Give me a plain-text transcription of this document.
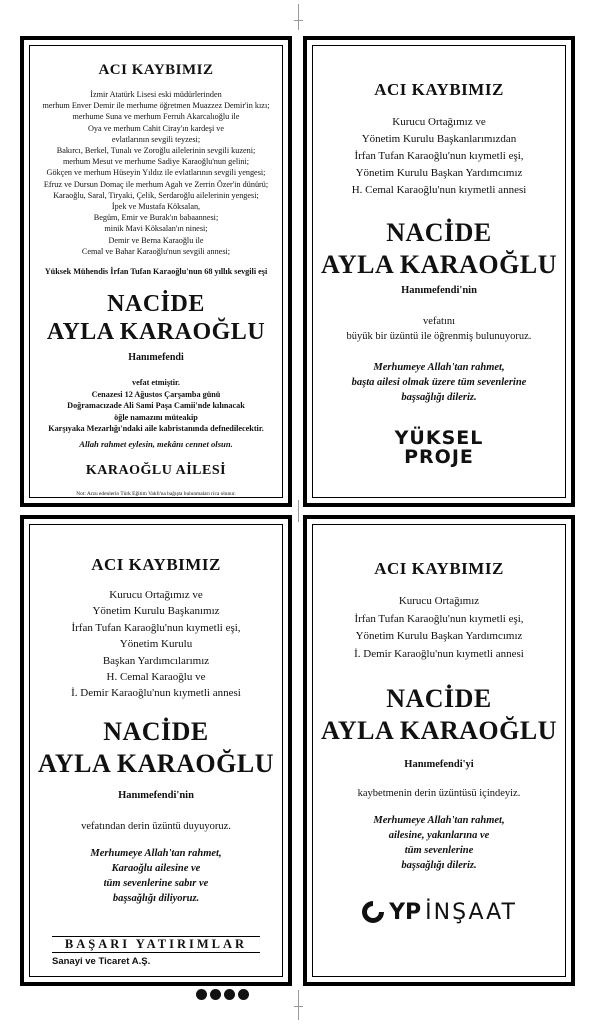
ACI KAYBIMIZ
İzmir Atatürk Lisesi eski müdürlerinden
merhum Enver Demir ile merhume öğretmen Muazzez Demir'in kızı;
merhume Suna ve merhum Ferruh Akarcalıoğlu ile
Oya ve merhum Cahit Ciray'ın kardeşi ve
evlatlarının sevgili teyzesi;
Bakırcı, Berkel, Tunalı ve Zoroğlu ailelerinin sevgili kuzeni;
merhum Mesut ve merhume Sadiye Karaoğlu'nun gelini;
Gökçen ve merhum Hüseyin Yıldız ile evlatlarının sevgili yengesi;
Efruz ve Dursun Domaç ile merhum Agah ve Zerrin Özer'in dünürü;
Karaoğlu, Saral, Tiryaki, Çelik, Serdaroğlu ailelerinin yengesi;
İpek ve Mustafa Köksalan,
Begüm, Emir ve Burak'ın babaannesi;
minik Mavi Köksalan'ın ninesi;
Demir ve Berna Karaoğlu ile
Cemal ve Bahar Karaoğlu'nun sevgili annesi;
Yüksek Mühendis İrfan Tufan Karaoğlu'nun 68 yıllık sevgili eşi
NACİDE
AYLA KARAOĞLU
Hanımefendi
vefat etmiştir.
Cenazesi 12 Ağustos Çarşamba günü
Doğramacızade Ali Sami Paşa Camii'nde kılınacak
öğle namazını müteakip
Karşıyaka Mezarlığı'ndaki aile kabristanında defnedilecektir.
Allah rahmet eylesin, mekânı cennet olsun.
KARAOĞLU AİLESİ
Not: Arzu edenlerin Türk Eğitim Vakfı'na bağışta bulunmaları rica olunur.
ACI KAYBIMIZ
Kurucu Ortağımız ve
Yönetim Kurulu Başkanlarımızdan
İrfan Tufan Karaoğlu'nun kıymetli eşi,
Yönetim Kurulu Başkan Yardımcımız
H. Cemal Karaoğlu'nun kıymetli annesi
NACİDE
AYLA KARAOĞLU
Hanımefendi'nin
vefatını
büyük bir üzüntü ile öğrenmiş bulunuyoruz.
Merhumeye Allah'tan rahmet,
başta ailesi olmak üzere tüm sevenlerine
başsağlığı dileriz.
YÜKSEL
PROJE
ACI KAYBIMIZ
Kurucu Ortağımız ve
Yönetim Kurulu Başkanımız
İrfan Tufan Karaoğlu'nun kıymetli eşi,
Yönetim Kurulu
Başkan Yardımcılarımız
H. Cemal Karaoğlu ve
İ. Demir Karaoğlu'nun kıymetli annesi
NACİDE
AYLA KARAOĞLU
Hanımefendi'nin
vefatından derin üzüntü duyuyoruz.
Merhumeye Allah'tan rahmet,
Karaoğlu ailesine ve
tüm sevenlerine sabır ve
başsağlığı diliyoruz.
BAŞARI YATIRIMLAR
Sanayi ve Ticaret A.Ş.
ACI KAYBIMIZ
Kurucu Ortağımız
İrfan Tufan Karaoğlu'nun kıymetli eşi,
Yönetim Kurulu Başkan Yardımcımız
İ. Demir Karaoğlu'nun kıymetli annesi
NACİDE
AYLA KARAOĞLU
Hanımefendi'yi
kaybetmenin derin üzüntüsü içindeyiz.
Merhumeye Allah'tan rahmet,
ailesine, yakınlarına ve
tüm sevenlerine
başsağlığı dileriz.
YP İNŞAAT
